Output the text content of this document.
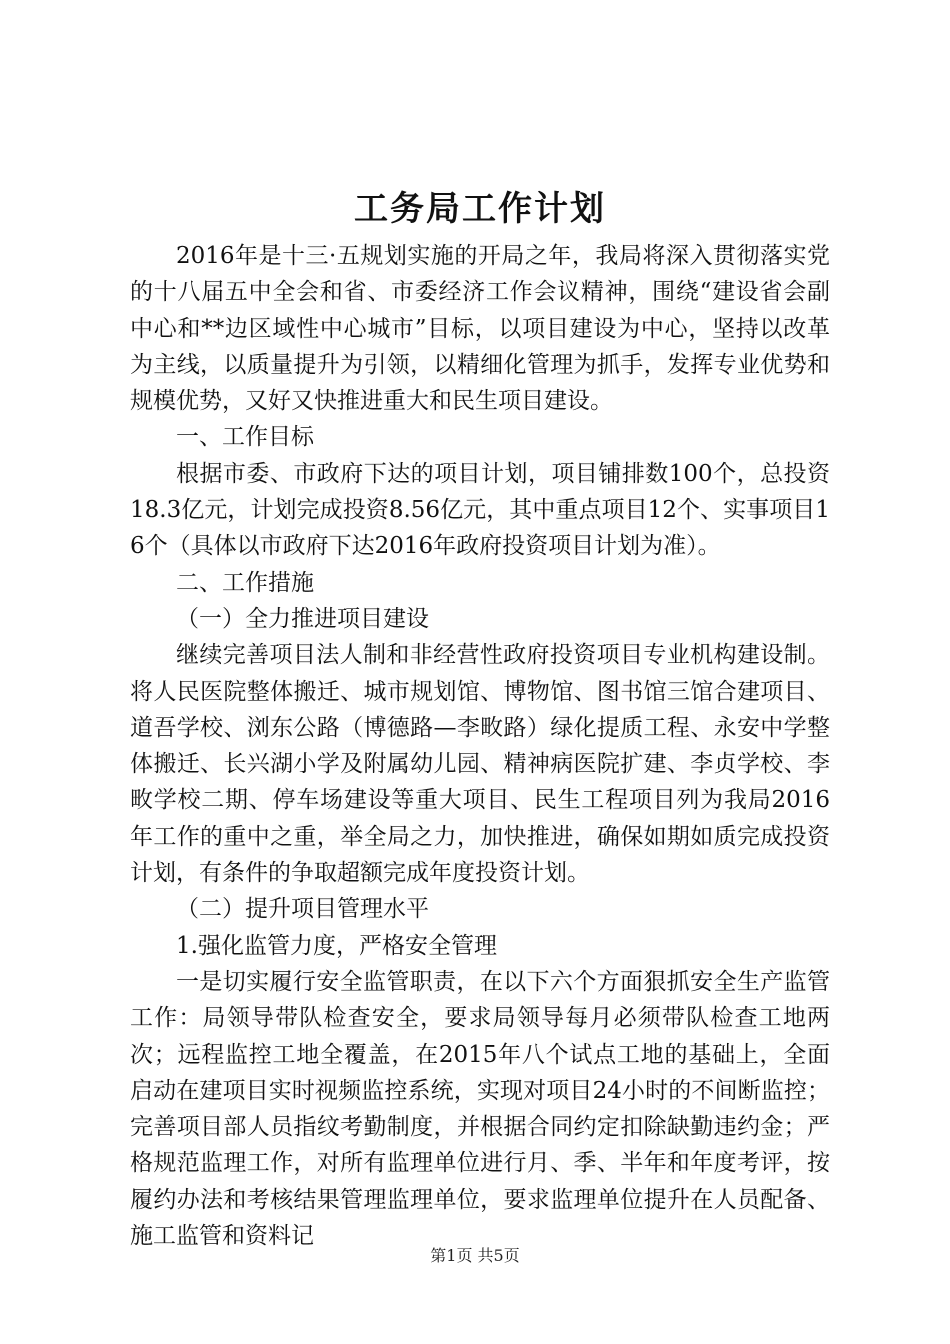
工务局工作计划

2016年是十三·五规划实施的开局之年，我局将深入贯彻落实党的十八届五中全会和省、市委经济工作会议精神，围绕“建设省会副中心和**边区域性中心城市”目标，以项目建设为中心，坚持以改革为主线，以质量提升为引领，以精细化管理为抓手，发挥专业优势和规模优势，又好又快推进重大和民生项目建设。

一、工作目标

根据市委、市政府下达的项目计划，项目铺排数100个，总投资18.3亿元，计划完成投资8.56亿元，其中重点项目12个、实事项目16个（具体以市政府下达2016年政府投资项目计划为准）。

二、工作措施

（一）全力推进项目建设

继续完善项目法人制和非经营性政府投资项目专业机构建设制。将人民医院整体搬迁、城市规划馆、博物馆、图书馆三馆合建项目、道吾学校、浏东公路（博德路—李畋路）绿化提质工程、永安中学整体搬迁、长兴湖小学及附属幼儿园、精神病医院扩建、李贞学校、李畋学校二期、停车场建设等重大项目、民生工程项目列为我局2016年工作的重中之重，举全局之力，加快推进，确保如期如质完成投资计划，有条件的争取超额完成年度投资计划。

（二）提升项目管理水平

1.强化监管力度，严格安全管理

一是切实履行安全监管职责，在以下六个方面狠抓安全生产监管工作：局领导带队检查安全，要求局领导每月必须带队检查工地两次；远程监控工地全覆盖，在2015年八个试点工地的基础上，全面启动在建项目实时视频监控系统，实现对项目24小时的不间断监控；完善项目部人员指纹考勤制度，并根据合同约定扣除缺勤违约金；严格规范监理工作，对所有监理单位进行月、季、半年和年度考评，按履约办法和考核结果管理监理单位，要求监理单位提升在人员配备、施工监管和资料记

第1页 共5页
